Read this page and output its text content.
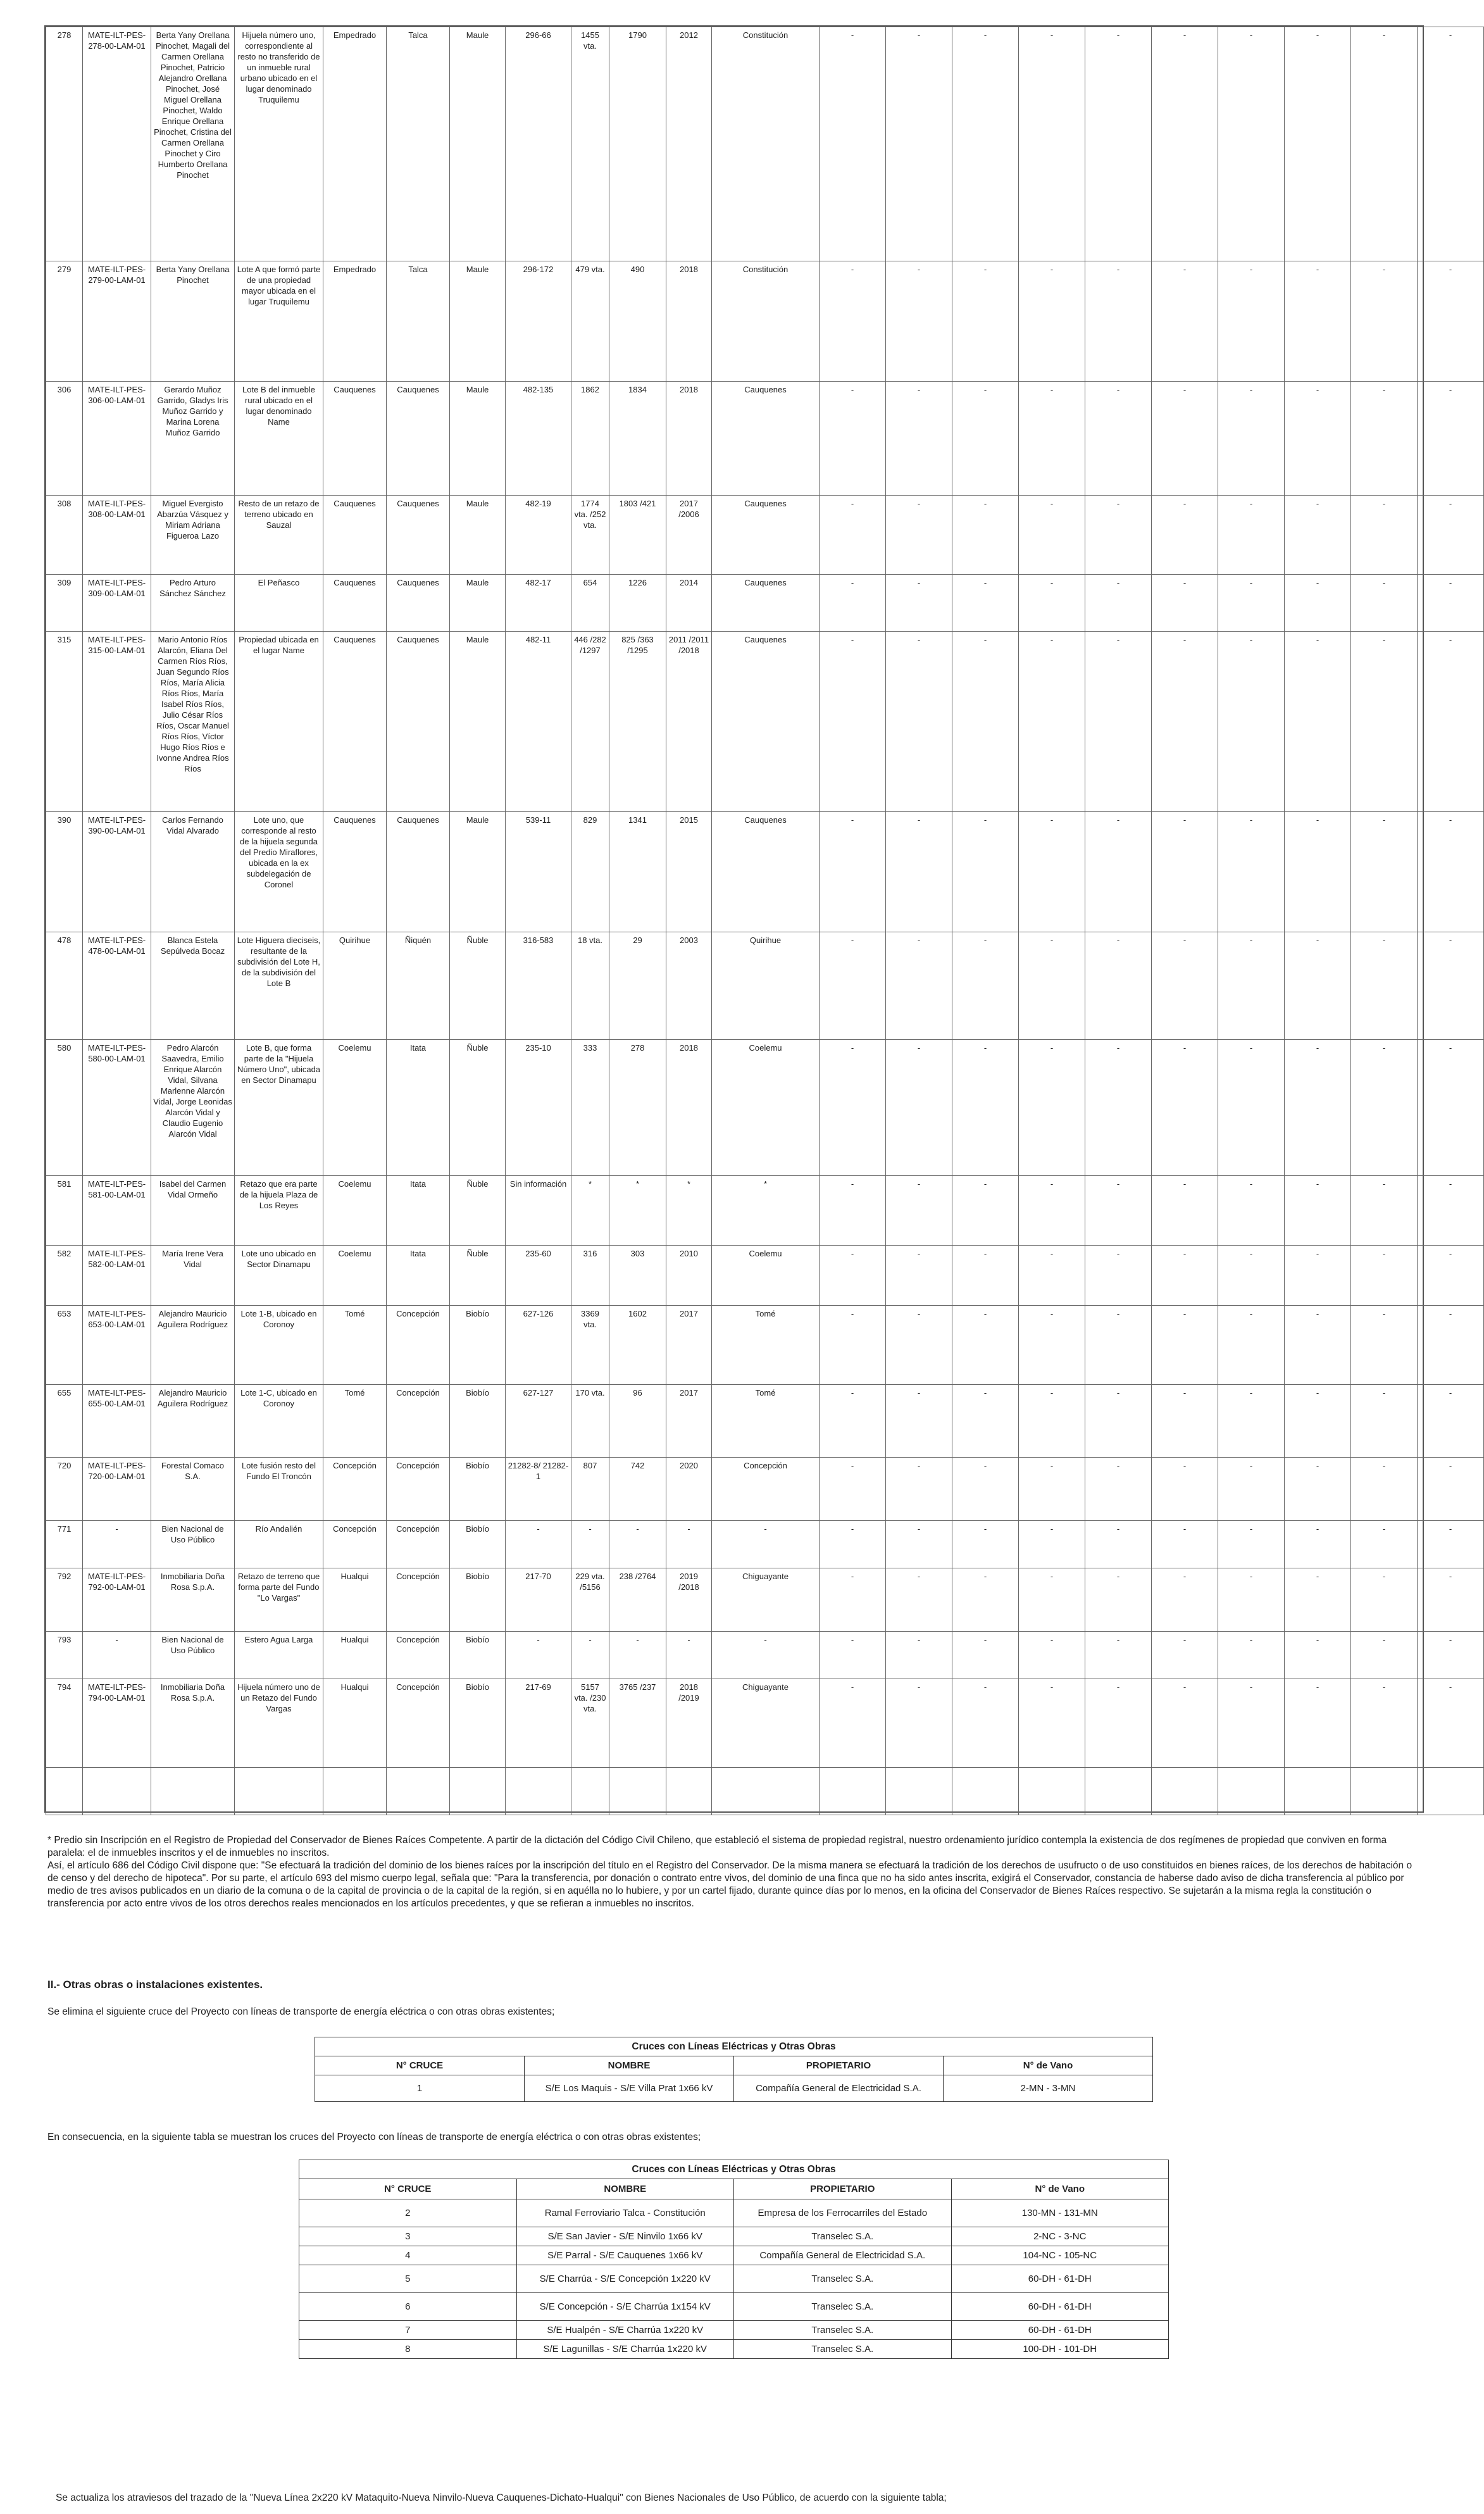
278	MATE-ILT-PES-278-00-LAM-01	Berta Yany Orellana Pinochet, Magali del Carmen Orellana Pinochet, Patricio Alejandro Orellana Pinochet, José Miguel Orellana Pinochet, Waldo Enrique Orellana Pinochet, Cristina del Carmen Orellana Pinochet y Ciro Humberto Orellana Pinochet	Hijuela número uno, correspondiente al resto no transferido de un inmueble rural urbano ubicado en el lugar denominado Truquilemu	Empedrado	Talca	Maule	296-66	1455 vta.	1790	2012	Constitución	-	-	-	-	-	-	-	-	-	-
279	MATE-ILT-PES-279-00-LAM-01	Berta Yany Orellana Pinochet	Lote A que formó parte de una propiedad mayor ubicada en el lugar Truquilemu	Empedrado	Talca	Maule	296-172	479 vta.	490	2018	Constitución	-	-	-	-	-	-	-	-	-	-
306	MATE-ILT-PES-306-00-LAM-01	Gerardo Muñoz Garrido, Gladys Iris Muñoz Garrido y Marina Lorena Muñoz Garrido	Lote B del inmueble rural ubicado en el lugar denominado Name	Cauquenes	Cauquenes	Maule	482-135	1862	1834	2018	Cauquenes	-	-	-	-	-	-	-	-	-	-
308	MATE-ILT-PES-308-00-LAM-01	Miguel Evergisto Abarzúa Vásquez y Miriam Adriana Figueroa Lazo	Resto de un retazo de terreno ubicado en Sauzal	Cauquenes	Cauquenes	Maule	482-19	1774 vta. /252 vta.	1803 /421	2017 /2006	Cauquenes	-	-	-	-	-	-	-	-	-	-
309	MATE-ILT-PES-309-00-LAM-01	Pedro Arturo Sánchez Sánchez	El Peñasco	Cauquenes	Cauquenes	Maule	482-17	654	1226	2014	Cauquenes	-	-	-	-	-	-	-	-	-	-
315	MATE-ILT-PES-315-00-LAM-01	Mario Antonio Ríos Alarcón, Eliana Del Carmen Ríos Ríos, Juan Segundo Ríos Ríos, María Alicia Ríos Ríos, María Isabel Ríos Ríos, Julio César Ríos Ríos, Oscar Manuel Ríos Ríos, Víctor Hugo Ríos Ríos e Ivonne Andrea Ríos Ríos	Propiedad ubicada en el lugar Name	Cauquenes	Cauquenes	Maule	482-11	446 /282 /1297	825 /363 /1295	2011 /2011 /2018	Cauquenes	-	-	-	-	-	-	-	-	-	-
390	MATE-ILT-PES-390-00-LAM-01	Carlos Fernando Vidal Alvarado	Lote uno, que corresponde al resto de la hijuela segunda del Predio Miraflores, ubicada en la ex subdelegación de Coronel	Cauquenes	Cauquenes	Maule	539-11	829	1341	2015	Cauquenes	-	-	-	-	-	-	-	-	-	-
478	MATE-ILT-PES-478-00-LAM-01	Blanca Estela Sepúlveda Bocaz	Lote Higuera dieciseis, resultante de la subdivisión del Lote H, de la subdivisión del Lote B	Quirihue	Ñiquén	Ñuble	316-583	18 vta.	29	2003	Quirihue	-	-	-	-	-	-	-	-	-	-
580	MATE-ILT-PES-580-00-LAM-01	Pedro Alarcón Saavedra, Emilio Enrique Alarcón Vidal, Silvana Marlenne Alarcón Vidal, Jorge Leonidas Alarcón Vidal y Claudio Eugenio Alarcón Vidal	Lote B, que forma parte de la "Hijuela Número Uno", ubicada en Sector Dinamapu	Coelemu	Itata	Ñuble	235-10	333	278	2018	Coelemu	-	-	-	-	-	-	-	-	-	-
581	MATE-ILT-PES-581-00-LAM-01	Isabel del Carmen Vidal Ormeño	Retazo que era parte de la hijuela Plaza de Los Reyes	Coelemu	Itata	Ñuble	Sin información	*	*	*	*	-	-	-	-	-	-	-	-	-	-
582	MATE-ILT-PES-582-00-LAM-01	María Irene Vera Vidal	Lote uno ubicado en Sector Dinamapu	Coelemu	Itata	Ñuble	235-60	316	303	2010	Coelemu	-	-	-	-	-	-	-	-	-	-
653	MATE-ILT-PES-653-00-LAM-01	Alejandro Mauricio Aguilera Rodríguez	Lote 1-B, ubicado en Coronoy	Tomé	Concepción	Biobío	627-126	3369 vta.	1602	2017	Tomé	-	-	-	-	-	-	-	-	-	-
655	MATE-ILT-PES-655-00-LAM-01	Alejandro Mauricio Aguilera Rodríguez	Lote 1-C, ubicado en Coronoy	Tomé	Concepción	Biobío	627-127	170 vta.	96	2017	Tomé	-	-	-	-	-	-	-	-	-	-
720	MATE-ILT-PES-720-00-LAM-01	Forestal Comaco S.A.	Lote fusión resto del Fundo El Troncón	Concepción	Concepción	Biobío	21282-8/ 21282-1	807	742	2020	Concepción	-	-	-	-	-	-	-	-	-	-
771	-	Bien Nacional de Uso Público	Río Andalién	Concepción	Concepción	Biobío	-	-	-	-	-	-	-	-	-	-	-	-	-	-	-
792	MATE-ILT-PES-792-00-LAM-01	Inmobiliaria Doña Rosa S.p.A.	Retazo de terreno que forma parte del Fundo "Lo Vargas"	Hualqui	Concepción	Biobío	217-70	229 vta. /5156	238 /2764	2019 /2018	Chiguayante	-	-	-	-	-	-	-	-	-	-
793	-	Bien Nacional de Uso Público	Estero Agua Larga	Hualqui	Concepción	Biobío	-	-	-	-	-	-	-	-	-	-	-	-	-	-	-
794	MATE-ILT-PES-794-00-LAM-01	Inmobiliaria Doña Rosa S.p.A.	Hijuela número uno de un Retazo del Fundo Vargas	Hualqui	Concepción	Biobío	217-69	5157 vta. /230 vta.	3765 /237	2018 /2019	Chiguayante	-	-	-	-	-	-	-	-	-	-

* Predio sin Inscripción en el Registro de Propiedad del Conservador de Bienes Raíces Competente. A partir de la dictación del Código Civil Chileno, que estableció el sistema de propiedad registral, nuestro ordenamiento jurídico contempla la existencia de dos regímenes de propiedad que conviven en forma paralela: el de inmuebles inscritos y el de inmuebles no inscritos.

Así, el artículo 686 del Código Civil dispone que: "Se efectuará la tradición del dominio de los bienes raíces por la inscripción del título en el Registro del Conservador. De la misma manera se efectuará la tradición de los derechos de usufructo o de uso constituidos en bienes raíces, de los derechos de habitación o de censo y del derecho de hipoteca". Por su parte, el artículo 693 del mismo cuerpo legal, señala que: "Para la transferencia, por donación o contrato entre vivos, del dominio de una finca que no ha sido antes inscrita, exigirá el Conservador, constancia de haberse dado aviso de dicha transferencia al público por medio de tres avisos publicados en un diario de la comuna o de la capital de provincia o de la capital de la región, si en aquélla no lo hubiere, y por un cartel fijado, durante quince días por lo menos, en la oficina del Conservador de Bienes Raíces respectivo. Se sujetarán a la misma regla la constitución o transferencia por acto entre vivos de los otros derechos reales mencionados en los artículos precedentes, y que se refieran a inmuebles no inscritos.

II.- Otras obras o instalaciones existentes.
Se elimina el siguiente cruce del Proyecto con líneas de transporte de energía eléctrica o con otras obras existentes;
Cruces con Líneas Eléctricas y Otras Obras			
N° CRUCE	NOMBRE	PROPIETARIO	N° de Vano
1	S/E Los Maquis - S/E Villa Prat 1x66 kV	Compañía General de Electricidad S.A.	2-MN - 3-MN
En consecuencia, en la siguiente tabla se muestran los cruces del Proyecto con líneas de transporte de energía eléctrica o con otras obras existentes;
Cruces con Líneas Eléctricas y Otras Obras			
N° CRUCE	NOMBRE	PROPIETARIO	N° de Vano
2	Ramal Ferroviario Talca - Constitución	Empresa de los Ferrocarriles del Estado	130-MN - 131-MN
3	S/E San Javier - S/E Ninvilo 1x66 kV	Transelec S.A.	2-NC - 3-NC
4	S/E Parral - S/E Cauquenes 1x66 kV	Compañía General de Electricidad S.A.	104-NC - 105-NC
5	S/E Charrúa - S/E Concepción 1x220 kV	Transelec S.A.	60-DH - 61-DH
6	S/E Concepción - S/E Charrúa 1x154 kV	Transelec S.A.	60-DH - 61-DH
7	S/E Hualpén - S/E Charrúa 1x220 kV	Transelec S.A.	60-DH - 61-DH
8	S/E Lagunillas - S/E Charrúa 1x220 kV	Transelec S.A.	100-DH - 101-DH
Se actualiza los atraviesos del trazado de la "Nueva Línea 2x220 kV Mataquito-Nueva Ninvilo-Nueva Cauquenes-Dichato-Hualqui" con Bienes Nacionales de Uso Público, de acuerdo con la siguiente tabla;
